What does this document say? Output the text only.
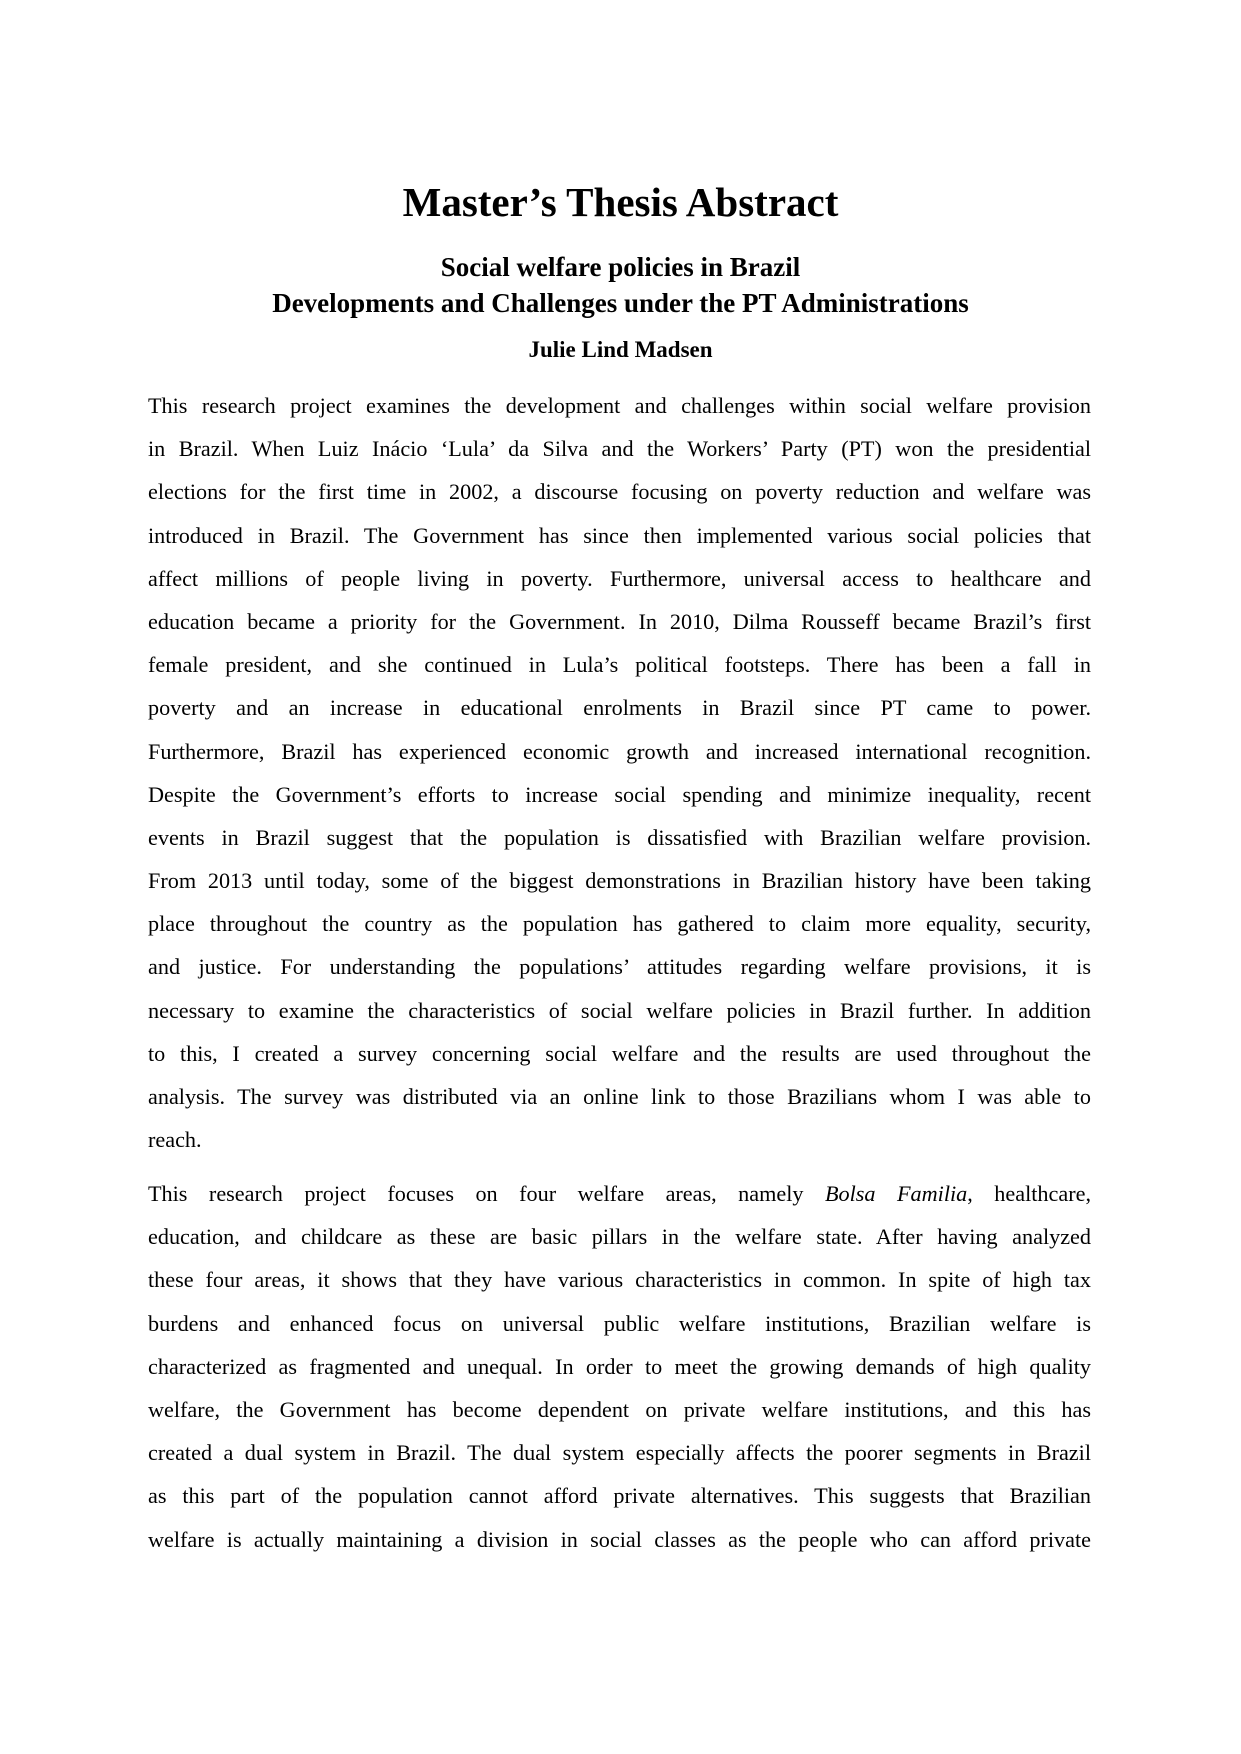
Master’s Thesis Abstract
Social welfare policies in Brazil
Developments and Challenges under the PT Administrations
Julie Lind Madsen
This research project examines the development and challenges within social welfare provision
in Brazil. When Luiz Inácio ‘Lula’ da Silva and the Workers’ Party (PT) won the presidential
elections for the first time in 2002, a discourse focusing on poverty reduction and welfare was
introduced in Brazil. The Government has since then implemented various social policies that
affect millions of people living in poverty. Furthermore, universal access to healthcare and
education became a priority for the Government. In 2010, Dilma Rousseff became Brazil’s first
female president, and she continued in Lula’s political footsteps. There has been a fall in
poverty and an increase in educational enrolments in Brazil since PT came to power.
Furthermore, Brazil has experienced economic growth and increased international recognition.
Despite the Government’s efforts to increase social spending and minimize inequality, recent
events in Brazil suggest that the population is dissatisfied with Brazilian welfare provision.
From 2013 until today, some of the biggest demonstrations in Brazilian history have been taking
place throughout the country as the population has gathered to claim more equality, security,
and justice. For understanding the populations’ attitudes regarding welfare provisions, it is
necessary to examine the characteristics of social welfare policies in Brazil further. In addition
to this, I created a survey concerning social welfare and the results are used throughout the
analysis. The survey was distributed via an online link to those Brazilians whom I was able to
reach.
This research project focuses on four welfare areas, namely Bolsa Familia, healthcare,
education, and childcare as these are basic pillars in the welfare state. After having analyzed
these four areas, it shows that they have various characteristics in common. In spite of high tax
burdens and enhanced focus on universal public welfare institutions, Brazilian welfare is
characterized as fragmented and unequal. In order to meet the growing demands of high quality
welfare, the Government has become dependent on private welfare institutions, and this has
created a dual system in Brazil. The dual system especially affects the poorer segments in Brazil
as this part of the population cannot afford private alternatives. This suggests that Brazilian
welfare is actually maintaining a division in social classes as the people who can afford private
